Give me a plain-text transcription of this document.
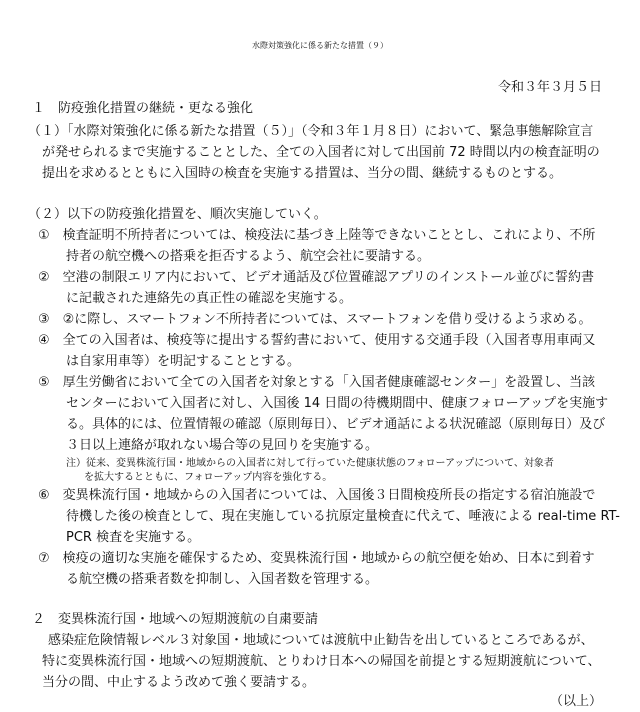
水際対策強化に係る新たな措置（９）
令和３年３月５日
１　防疫強化措置の継続・更なる強化
（１）「水際対策強化に係る新たな措置（５）」（令和３年１月８日）において、緊急事態解除宣言
が発せられるまで実施することとした、全ての入国者に対して出国前 72 時間以内の検査証明の
提出を求めるとともに入国時の検査を実施する措置は、当分の間、継続するものとする。
（２）以下の防疫強化措置を、順次実施していく。
①　検査証明不所持者については、検疫法に基づき上陸等できないこととし、これにより、不所
持者の航空機への搭乗を拒否するよう、航空会社に要請する。
②　空港の制限エリア内において、ビデオ通話及び位置確認アプリのインストール並びに誓約書
に記載された連絡先の真正性の確認を実施する。
③　②に際し、スマートフォン不所持者については、スマートフォンを借り受けるよう求める。
④　全ての入国者は、検疫等に提出する誓約書において、使用する交通手段（入国者専用車両又
は自家用車等）を明記することとする。
⑤　厚生労働省において全ての入国者を対象とする「入国者健康確認センター」を設置し、当該
センターにおいて入国者に対し、入国後 14 日間の待機期間中、健康フォローアップを実施す
る。具体的には、位置情報の確認（原則毎日）、ビデオ通話による状況確認（原則毎日）及び
３日以上連絡が取れない場合等の見回りを実施する。
注）従来、変異株流行国・地域からの入国者に対して行っていた健康状態のフォローアップについて、対象者
を拡大するとともに、フォローアップ内容を強化する。
⑥　変異株流行国・地域からの入国者については、入国後３日間検疫所長の指定する宿泊施設で
待機した後の検査として、現在実施している抗原定量検査に代えて、唾液による real-time RT-
PCR 検査を実施する。
⑦　検疫の適切な実施を確保するため、変異株流行国・地域からの航空便を始め、日本に到着す
る航空機の搭乗者数を抑制し、入国者数を管理する。
２　変異株流行国・地域への短期渡航の自粛要請
感染症危険情報レベル３対象国・地域については渡航中止勧告を出しているところであるが、
特に変異株流行国・地域への短期渡航、とりわけ日本への帰国を前提とする短期渡航について、
当分の間、中止するよう改めて強く要請する。
（以上）
